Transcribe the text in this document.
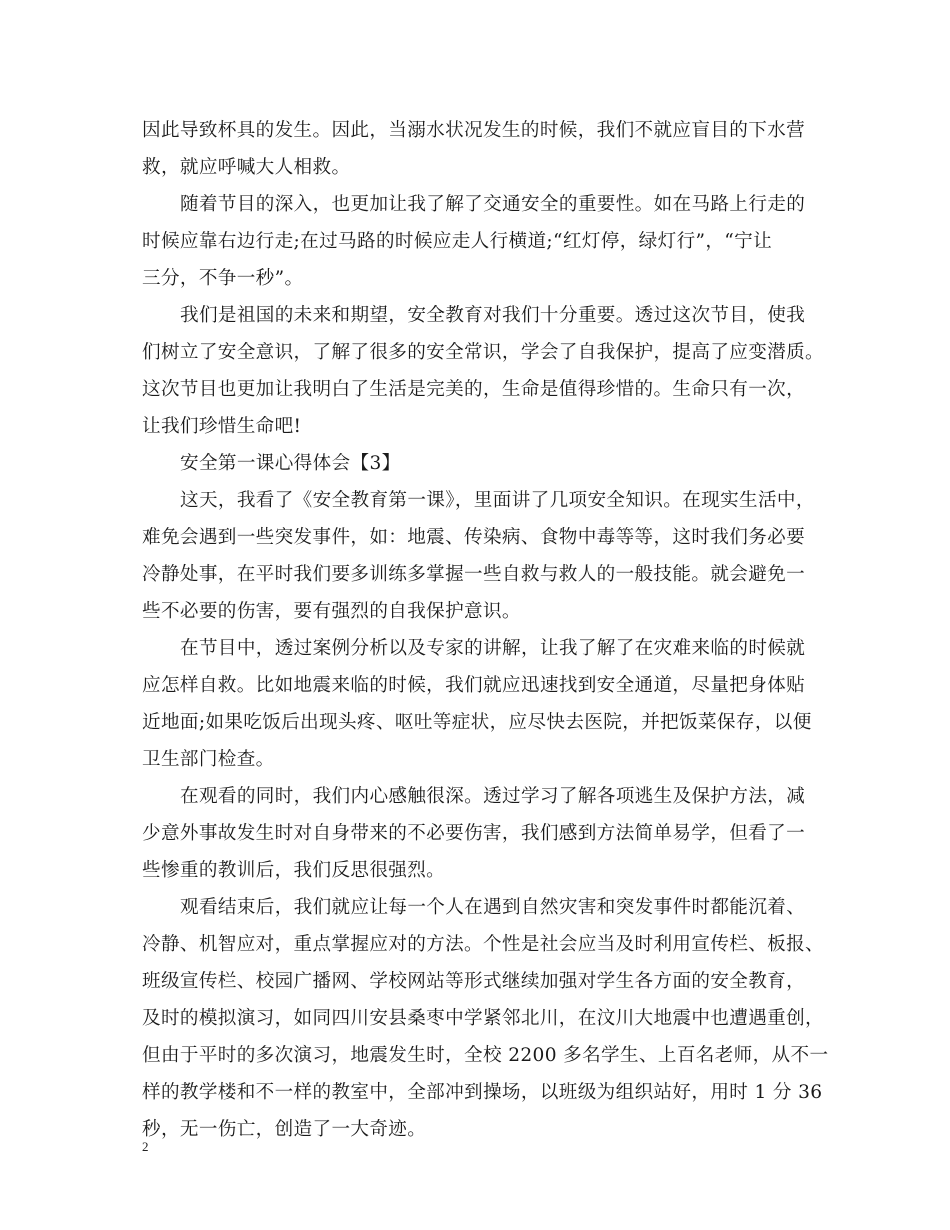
因此导致杯具的发生。因此，当溺水状况发生的时候，我们不就应盲目的下水营
救，就应呼喊大人相救。
随着节目的深入，也更加让我了解了交通安全的重要性。如在马路上行走的
时候应靠右边行走;在过马路的时候应走人行横道;“红灯停，绿灯行”，“宁让
三分，不争一秒”。
我们是祖国的未来和期望，安全教育对我们十分重要。透过这次节目，使我
们树立了安全意识，了解了很多的安全常识，学会了自我保护，提高了应变潜质。
这次节目也更加让我明白了生活是完美的，生命是值得珍惜的。生命只有一次，
让我们珍惜生命吧!
安全第一课心得体会【3】
这天，我看了《安全教育第一课》，里面讲了几项安全知识。在现实生活中，
难免会遇到一些突发事件，如：地震、传染病、食物中毒等等，这时我们务必要
冷静处事，在平时我们要多训练多掌握一些自救与救人的一般技能。就会避免一
些不必要的伤害，要有强烈的自我保护意识。
在节目中，透过案例分析以及专家的讲解，让我了解了在灾难来临的时候就
应怎样自救。比如地震来临的时候，我们就应迅速找到安全通道，尽量把身体贴
近地面;如果吃饭后出现头疼、呕吐等症状，应尽快去医院，并把饭菜保存，以便
卫生部门检查。
在观看的同时，我们内心感触很深。透过学习了解各项逃生及保护方法，减
少意外事故发生时对自身带来的不必要伤害，我们感到方法简单易学，但看了一
些惨重的教训后，我们反思很强烈。
观看结束后，我们就应让每一个人在遇到自然灾害和突发事件时都能沉着、
冷静、机智应对，重点掌握应对的方法。个性是社会应当及时利用宣传栏、板报、
班级宣传栏、校园广播网、学校网站等形式继续加强对学生各方面的安全教育，
及时的模拟演习，如同四川安县桑枣中学紧邻北川，在汶川大地震中也遭遇重创，
但由于平时的多次演习，地震发生时，全校 2200 多名学生、上百名老师，从不一
样的教学楼和不一样的教室中，全部冲到操场，以班级为组织站好，用时 1 分 36
秒，无一伤亡，创造了一大奇迹。
2
